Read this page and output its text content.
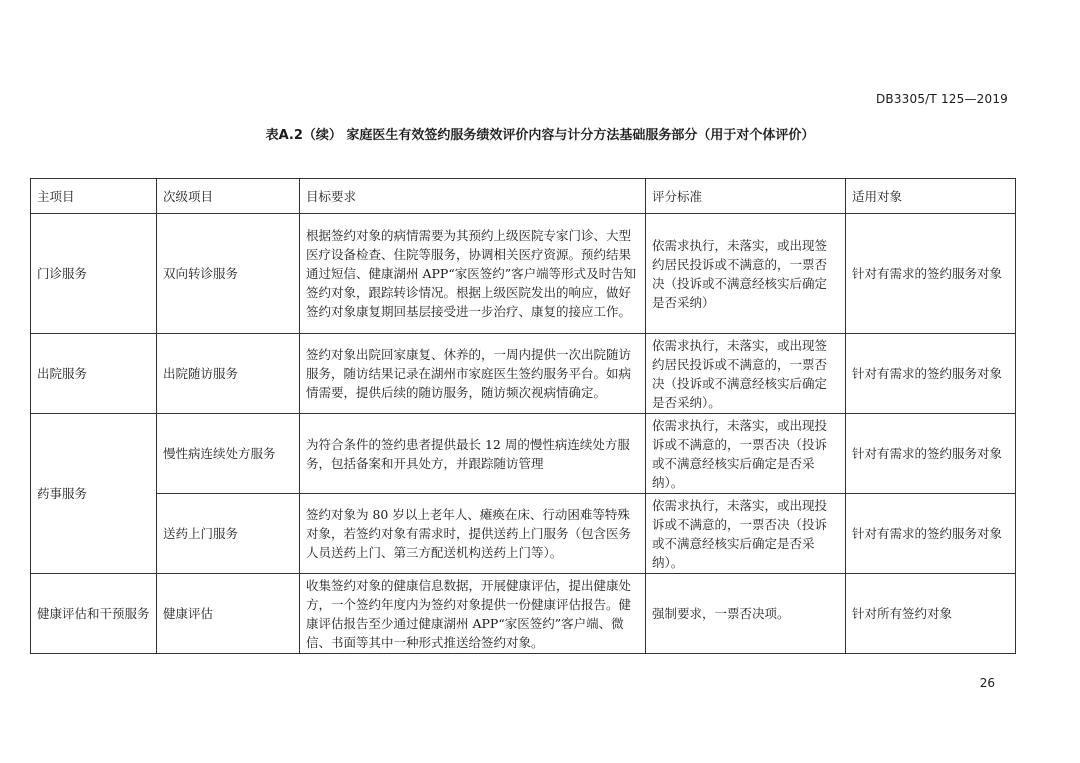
DB3305/T 125—2019
表A.2（续） 家庭医生有效签约服务绩效评价内容与计分方法基础服务部分（用于对个体评价）
主项目	次级项目	目标要求	评分标准	适用对象
门诊服务	双向转诊服务	根据签约对象的病情需要为其预约上级医院专家门诊、大型医疗设备检查、住院等服务，协调相关医疗资源。预约结果通过短信、健康湖州 APP“家医签约”客户端等形式及时告知签约对象，跟踪转诊情况。根据上级医院发出的响应，做好签约对象康复期回基层接受进一步治疗、康复的接应工作。	依需求执行，未落实，或出现签约居民投诉或不满意的，一票否决（投诉或不满意经核实后确定是否采纳）	针对有需求的签约服务对象
出院服务	出院随访服务	签约对象出院回家康复、休养的，一周内提供一次出院随访服务，随访结果记录在湖州市家庭医生签约服务平台。如病情需要，提供后续的随访服务，随访频次视病情确定。	依需求执行，未落实，或出现签约居民投诉或不满意的，一票否决（投诉或不满意经核实后确定是否采纳）。	针对有需求的签约服务对象
药事服务	慢性病连续处方服务	为符合条件的签约患者提供最长 12 周的慢性病连续处方服务，包括备案和开具处方，并跟踪随访管理	依需求执行，未落实，或出现投诉或不满意的，一票否决（投诉或不满意经核实后确定是否采纳）。	针对有需求的签约服务对象
	送药上门服务	签约对象为 80 岁以上老年人、瘫痪在床、行动困难等特殊对象，若签约对象有需求时，提供送药上门服务（包含医务人员送药上门、第三方配送机构送药上门等）。	依需求执行，未落实，或出现投诉或不满意的，一票否决（投诉或不满意经核实后确定是否采纳）。	针对有需求的签约服务对象
健康评估和干预服务	健康评估	收集签约对象的健康信息数据，开展健康评估，提出健康处方，一个签约年度内为签约对象提供一份健康评估报告。健康评估报告至少通过健康湖州 APP“家医签约”客户端、微信、书面等其中一种形式推送给签约对象。	强制要求，一票否决项。	针对所有签约对象
26
